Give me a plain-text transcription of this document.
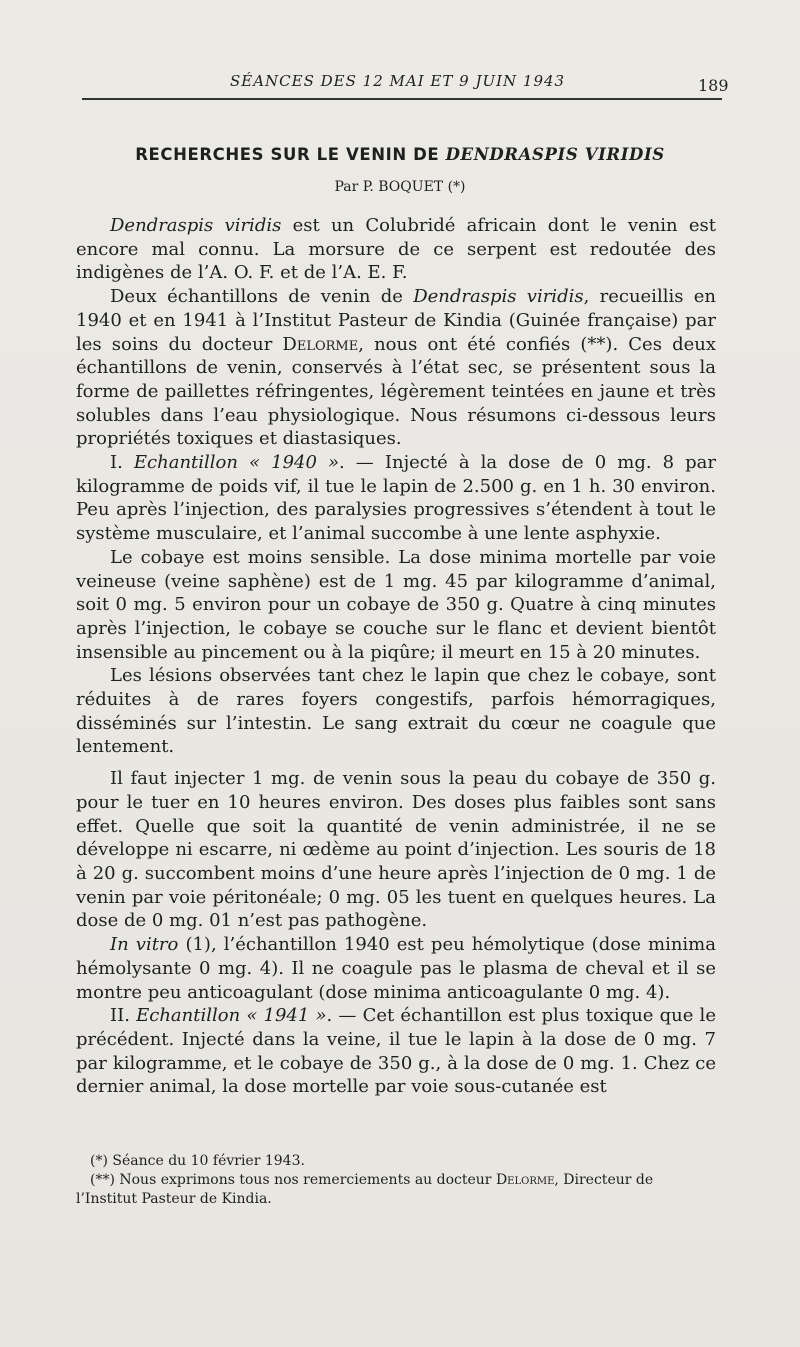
SÉANCES DES 12 MAI ET 9 JUIN 1943	189
RECHERCHES SUR LE VENIN DE DENDRASPIS VIRIDIS
Par P. BOQUET (*)

Dendraspis viridis est un Colubridé africain dont le venin est encore mal connu. La morsure de ce serpent est redoutée des indigènes de l’A. O. F. et de l’A. E. F.

Deux échantillons de venin de Dendraspis viridis, recueillis en 1940 et en 1941 à l’Institut Pasteur de Kindia (Guinée française) par les soins du docteur Delorme, nous ont été confiés (**). Ces deux échantillons de venin, conservés à l’état sec, se présentent sous la forme de paillettes réfringentes, légèrement teintées en jaune et très solubles dans l’eau physiologique. Nous résumons ci-dessous leurs propriétés toxiques et diastasiques.

I. Echantillon « 1940 ». — Injecté à la dose de 0 mg. 8 par kilogramme de poids vif, il tue le lapin de 2.500 g. en 1 h. 30 environ. Peu après l’injection, des paralysies progressives s’étendent à tout le système musculaire, et l’animal succombe à une lente asphyxie.

Le cobaye est moins sensible. La dose minima mortelle par voie veineuse (veine saphène) est de 1 mg. 45 par kilogramme d’animal, soit 0 mg. 5 environ pour un cobaye de 350 g. Quatre à cinq minutes après l’injection, le cobaye se couche sur le flanc et devient bientôt insensible au pincement ou à la piqûre; il meurt en 15 à 20 minutes.

Les lésions observées tant chez le lapin que chez le cobaye, sont réduites à de rares foyers congestifs, parfois hémorragiques, disséminés sur l’intestin. Le sang extrait du cœur ne coagule que lentement.

Il faut injecter 1 mg. de venin sous la peau du cobaye de 350 g. pour le tuer en 10 heures environ. Des doses plus faibles sont sans effet. Quelle que soit la quantité de venin administrée, il ne se développe ni escarre, ni œdème au point d’injection. Les souris de 18 à 20 g. succombent moins d’une heure après l’injection de 0 mg. 1 de venin par voie péritonéale; 0 mg. 05 les tuent en quelques heures. La dose de 0 mg. 01 n’est pas pathogène.

In vitro (1), l’échantillon 1940 est peu hémolytique (dose minima hémolysante 0 mg. 4). Il ne coagule pas le plasma de cheval et il se montre peu anticoagulant (dose minima anticoagulante 0 mg. 4).

II. Echantillon « 1941 ». — Cet échantillon est plus toxique que le précédent. Injecté dans la veine, il tue le lapin à la dose de 0 mg. 7 par kilogramme, et le cobaye de 350 g., à la dose de 0 mg. 1. Chez ce dernier animal, la dose mortelle par voie sous-cutanée est

(*) Séance du 10 février 1943.

(**) Nous exprimons tous nos remerciements au docteur Delorme, Directeur de l’Institut Pasteur de Kindia.
